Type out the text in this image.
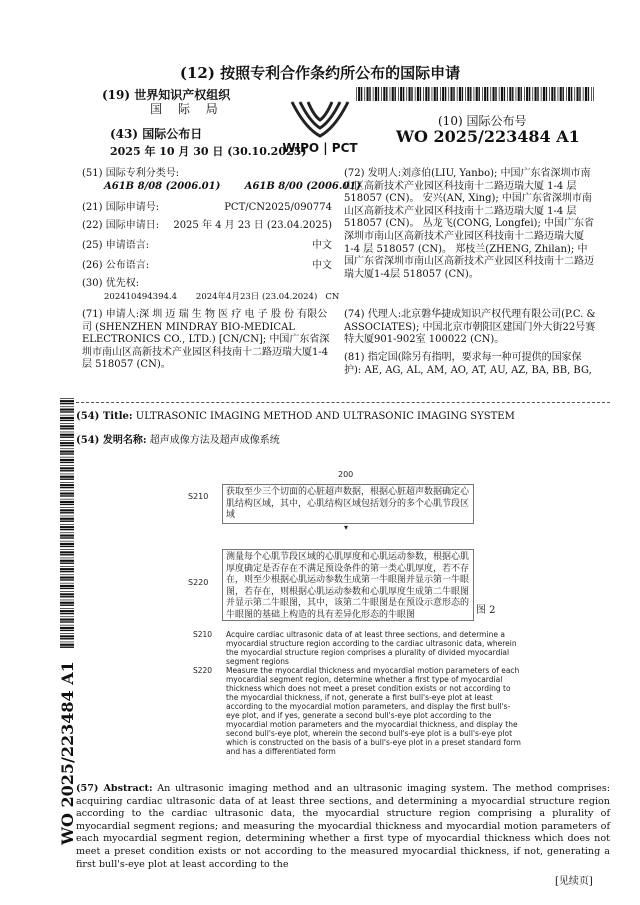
(12) 按照专利合作条约所公布的国际申请
(19) 世界知识产权组织
国 际 局
(43) 国际公布日
2025 年 10 月 30 日 (30.10.2025)
WIPO | PCT
(10) 国际公布号
WO 2025/223484 A1
WO 2025/223484 A1
(51) 国际专利分类号:
A61B 8/08 (2006.01)       A61B 8/00 (2006.01)
(21) 国际申请号:	PCT/CN2025/090774
(22) 国际申请日: 2025 年 4 月 23 日 (23.04.2025)
(25) 申请语言:	中文
(26) 公布语言:	中文
(30) 优先权:
202410494394.4       2024年4月23日 (23.04.2024)   CN
(71) 申请人:深 圳 迈 瑞 生 物 医 疗 电 子 股 份 有限公司 (SHENZHEN MINDRAY BIO-MEDICAL ELECTRONICS CO., LTD.) [CN/CN]; 中国广东省深圳市南山区高新技术产业园区科技南十二路迈瑞大厦1-4层 518057 (CN)。
(72) 发明人:刘彦伯(LIU, Yanbo); 中国广东省深圳市南山区高新技术产业园区科技南十二路迈瑞大厦 1-4 层 518057 (CN)。 安兴(AN, Xing); 中国广东省深圳市南山区高新技术产业园区科技南十二路迈瑞大厦 1-4 层 518057 (CN)。 丛龙飞(CONG, Longfei); 中国广东省深圳市南山区高新技术产业园区科技南十二路迈瑞大厦 1-4 层 518057 (CN)。 郑枝兰(ZHENG, Zhilan); 中国广东省深圳市南山区高新技术产业园区科技南十二路迈瑞大厦1-4层 518057 (CN)。
(74) 代理人:北京磐华捷成知识产权代理有限公司(P.C. & ASSOCIATES); 中国北京市朝阳区建国门外大街22号赛特大厦901-902室 100022 (CN)。
(81) 指定国(除另有指明，要求每一种可提供的国家保护): AE, AG, AL, AM, AO, AT, AU, AZ, BA, BB, BG,
(54) Title: ULTRASONIC IMAGING METHOD AND ULTRASONIC IMAGING SYSTEM
(54) 发明名称: 超声成像方法及超声成像系统
200
S210	获取至少三个切面的心脏超声数据，根据心脏超声数据确定心肌结构区域，其中，心肌结构区域包括划分的多个心肌节段区域
▾
S220
测量每个心肌节段区域的心肌厚度和心肌运动参数，根据心肌厚度确定是否存在不满足预设条件的第一类心肌厚度，若不存在，则至少根据心肌运动参数生成第一牛眼图并显示第一牛眼图，若存在，则根据心肌运动参数和心肌厚度生成第二牛眼图并显示第二牛眼图，其中，该第二牛眼图是在预设示意形态的牛眼图的基础上构造的具有差异化形态的牛眼图	图 2
S210	Acquire cardiac ultrasonic data of at least three sections, and determine a myocardial structure region according to the cardiac ultrasonic data, wherein the myocardial structure region comprises a plurality of divided myocardial segment regions
S220	Measure the myocardial thickness and myocardial motion parameters of each myocardial segment region, determine whether a first type of myocardial thickness which does not meet a preset condition exists or not according to the myocardial thickness, if not, generate a first bull's-eye plot at least according to the myocardial motion parameters, and display the first bull's-eye plot, and if yes, generate a second bull's-eye plot according to the myocardial motion parameters and the myocardial thickness, and display the second bull's-eye plot, wherein the second bull's-eye plot is a bull's-eye plot which is constructed on the basis of a bull's-eye plot in a preset standard form and has a differentiated form
(57) Abstract: An ultrasonic imaging method and an ultrasonic imaging system. The method comprises: acquiring cardiac ultrasonic data of at least three sections, and determining a myocardial structure region according to the cardiac ultrasonic data, the myocardial structure region comprising a plurality of myocardial segment regions; and measuring the myocardial thickness and myocardial motion parameters of each myocardial segment region, determining whether a first type of myocardial thickness which does not meet a preset condition exists or not according to the measured myocardial thickness, if not, generating a first bull's-eye plot at least according to the
[见续页]
